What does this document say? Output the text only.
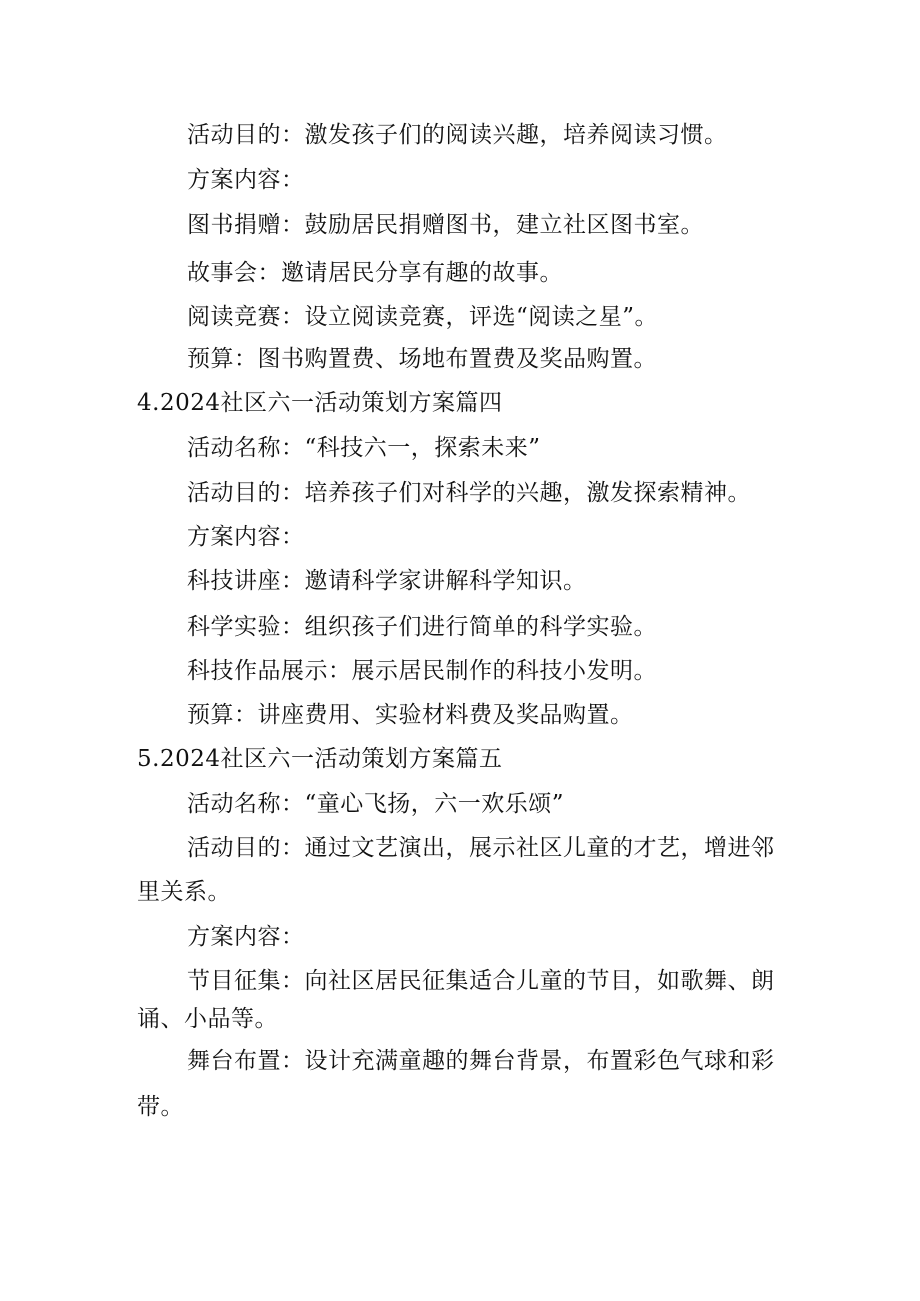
活动目的：激发孩子们的阅读兴趣，培养阅读习惯。
方案内容：
图书捐赠：鼓励居民捐赠图书，建立社区图书室。
故事会：邀请居民分享有趣的故事。
阅读竞赛：设立阅读竞赛，评选“阅读之星”。
预算：图书购置费、场地布置费及奖品购置。
4.2024社区六一活动策划方案篇四
活动名称：“科技六一，探索未来”
活动目的：培养孩子们对科学的兴趣，激发探索精神。
方案内容：
科技讲座：邀请科学家讲解科学知识。
科学实验：组织孩子们进行简单的科学实验。
科技作品展示：展示居民制作的科技小发明。
预算：讲座费用、实验材料费及奖品购置。
5.2024社区六一活动策划方案篇五
活动名称：“童心飞扬，六一欢乐颂”
活动目的：通过文艺演出，展示社区儿童的才艺，增进邻
里关系。
方案内容：
节目征集：向社区居民征集适合儿童的节目，如歌舞、朗
诵、小品等。
舞台布置：设计充满童趣的舞台背景，布置彩色气球和彩
带。
